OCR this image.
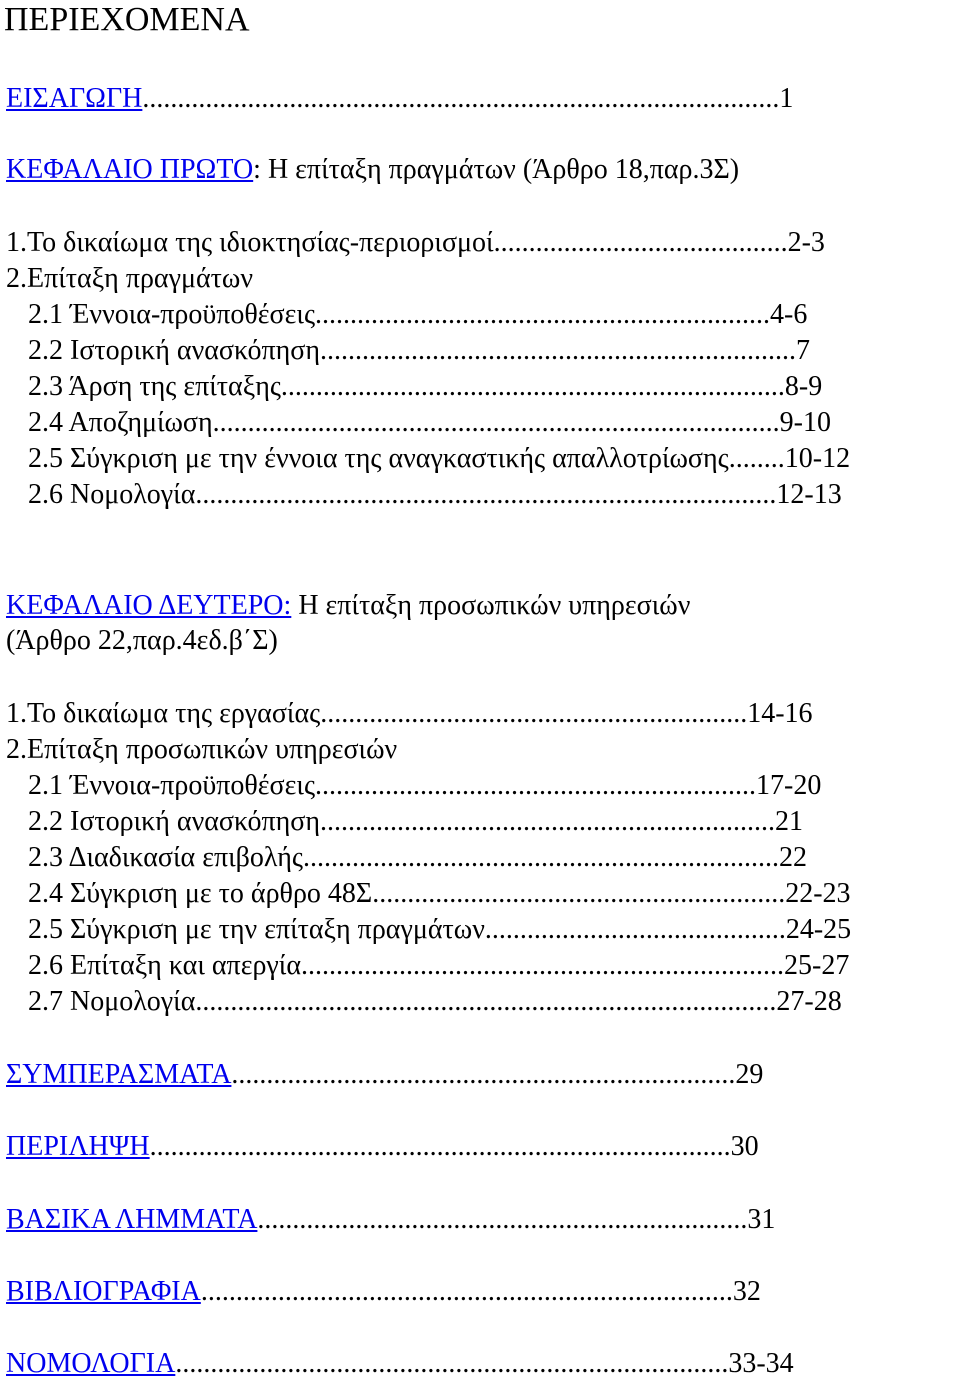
ΠΕΡΙΕΧΟΜΕΝΑ
ΕΙΣΑΓΩΓΗ...........................................................................................1
ΚΕΦΑΛΑΙΟ ΠΡΩΤΟ: Η επίταξη πραγμάτων (Άρθρο 18,παρ.3Σ)
1.Το δικαίωμα της ιδιοκτησίας-περιορισμοί..........................................2-3
2.Επίταξη πραγμάτων
2.1 Έννοια-προϋποθέσεις.................................................................4-6
2.2 Ιστορική ανασκόπηση....................................................................7
2.3 Άρση της επίταξης........................................................................8-9
2.4 Αποζημίωση.................................................................................9-10
2.5 Σύγκριση με την έννοια της αναγκαστικής απαλλοτρίωσης........10-12
2.6 Νομολογία...................................................................................12-13
ΚΕΦΑΛΑΙΟ ΔΕΥΤΕΡΟ: Η επίταξη προσωπικών υπηρεσιών
(Άρθρο 22,παρ.4εδ.β΄Σ)
1.Το δικαίωμα της εργασίας.............................................................14-16
2.Επίταξη προσωπικών υπηρεσιών
2.1 Έννοια-προϋποθέσεις...............................................................17-20
2.2 Ιστορική ανασκόπηση.................................................................21
2.3 Διαδικασία επιβολής....................................................................22
2.4 Σύγκριση με το άρθρο 48Σ...........................................................22-23
2.5 Σύγκριση με την επίταξη πραγμάτων...........................................24-25
2.6 Επίταξη και απεργία.....................................................................25-27
2.7 Νομολογία...................................................................................27-28
ΣΥΜΠΕΡΑΣΜΑΤΑ........................................................................29
ΠΕΡΙΛΗΨΗ...................................................................................30
ΒΑΣΙΚΑ ΛΗΜΜΑΤΑ......................................................................31
ΒΙΒΛΙΟΓΡΑΦΙΑ............................................................................32
ΝΟΜΟΛΟΓΙΑ...............................................................................33-34
